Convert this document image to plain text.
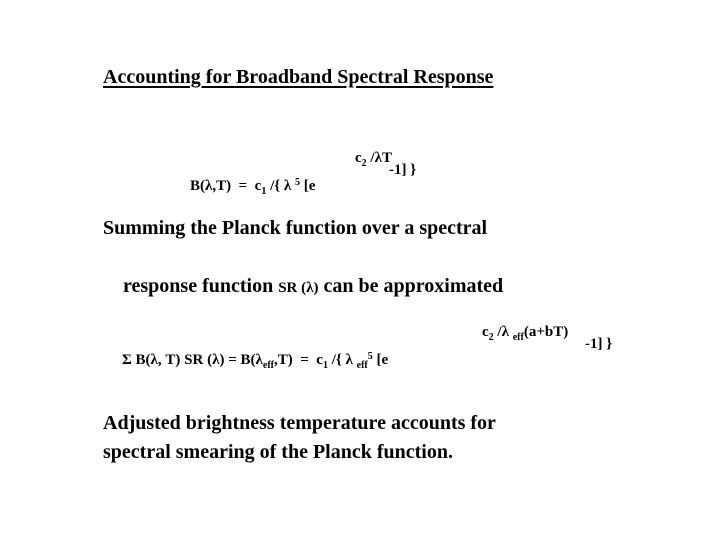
Accounting for Broadband Spectral Response

$c_2$ /λT

$B(\lambda,T) = c_1$ /{ λ $^5$ [e

-1] }
Summing the Planck function over a spectral

response function SR (λ) can be approximated

$c_2$ /λ $_{eff}$(a+bT)

Σ B(λ, T) SR $(\lambda) = B(\lambda_{eff},T) = c_1$ /{ λ $_{eff}^5$ [e

-1] }
Adjusted brightness temperature accounts for
spectral smearing of the Planck function.
